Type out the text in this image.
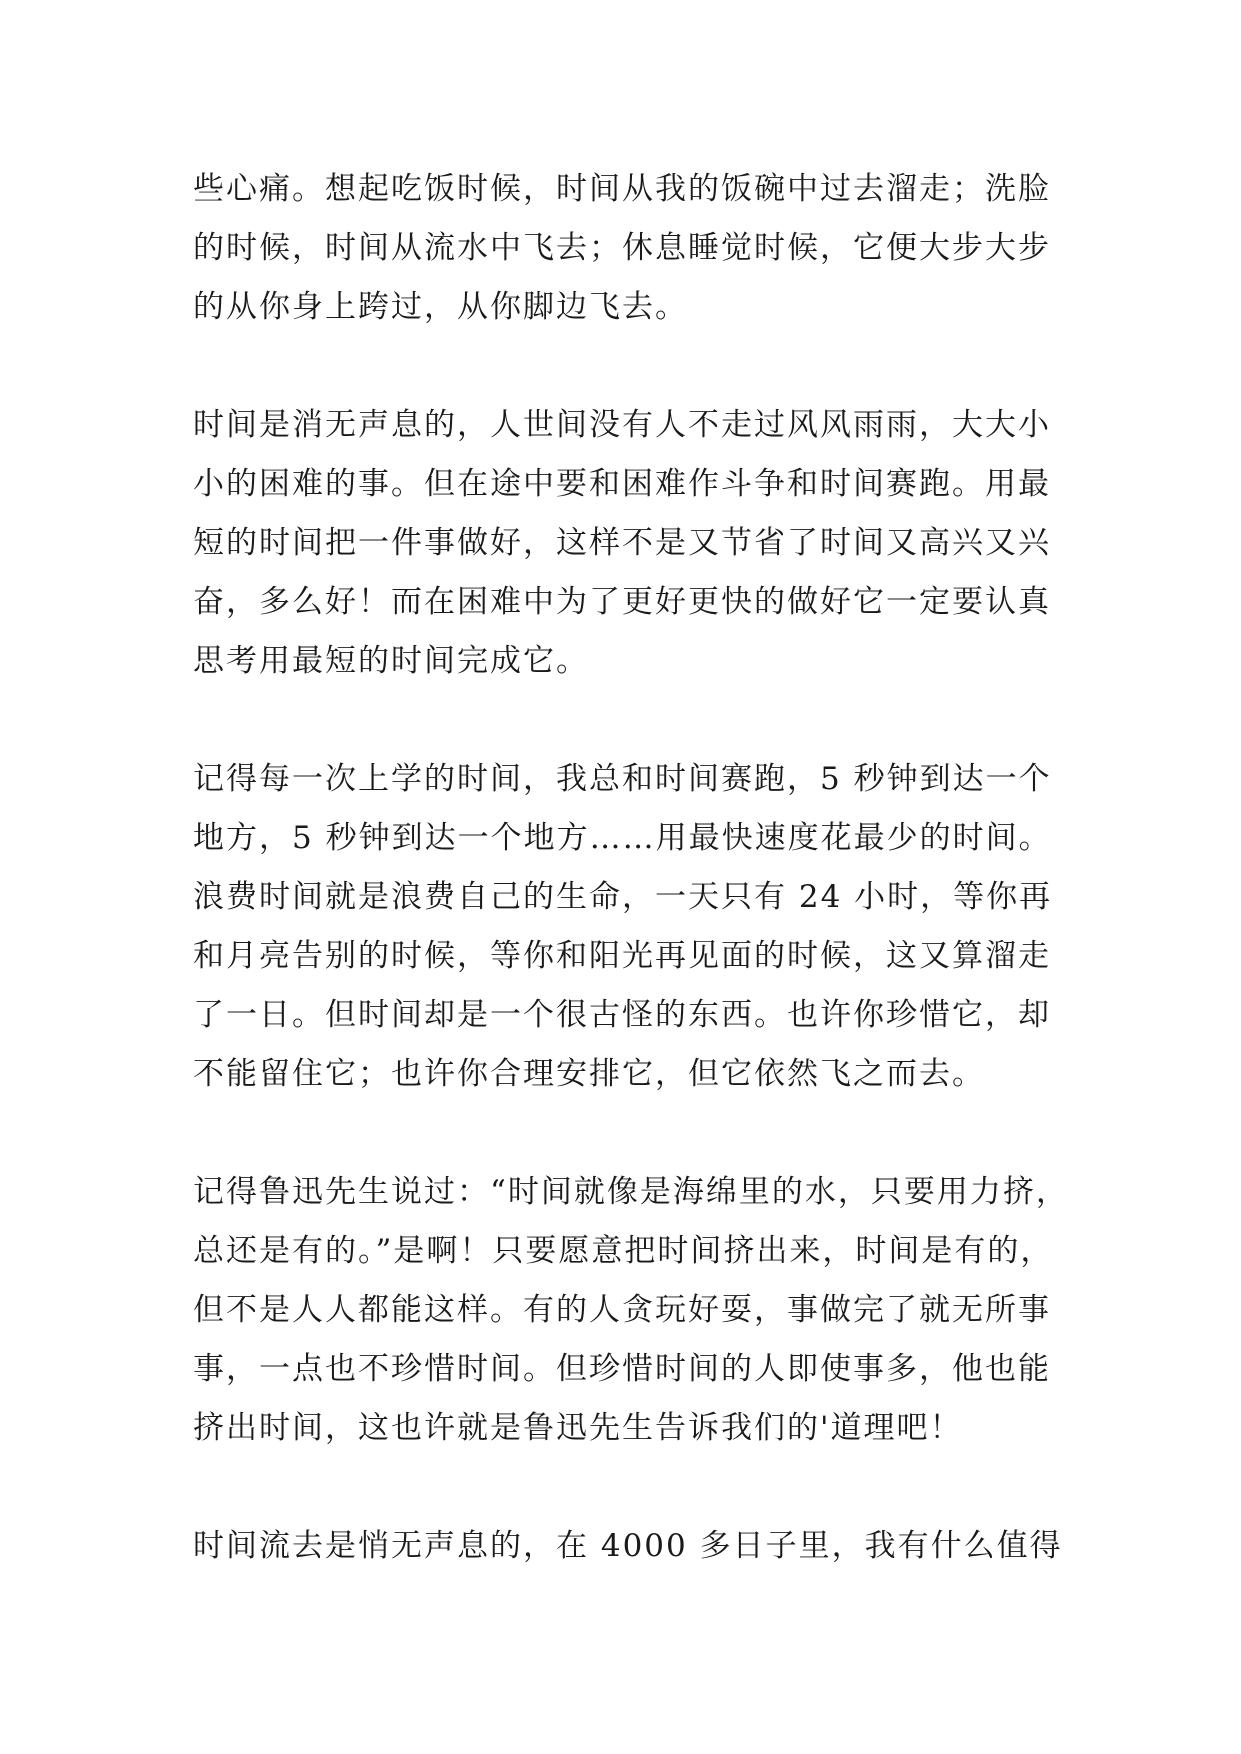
些心痛。想起吃饭时候，时间从我的饭碗中过去溜走；洗脸
的时候，时间从流水中飞去；休息睡觉时候，它便大步大步
的从你身上跨过，从你脚边飞去。

时间是消无声息的，人世间没有人不走过风风雨雨，大大小
小的困难的事。但在途中要和困难作斗争和时间赛跑。用最
短的时间把一件事做好，这样不是又节省了时间又高兴又兴
奋，多么好！而在困难中为了更好更快的做好它一定要认真
思考用最短的时间完成它。

记得每一次上学的时间，我总和时间赛跑，5 秒钟到达一个
地方，5 秒钟到达一个地方……用最快速度花最少的时间。
浪费时间就是浪费自己的生命，一天只有 24 小时，等你再
和月亮告别的时候，等你和阳光再见面的时候，这又算溜走
了一日。但时间却是一个很古怪的东西。也许你珍惜它，却
不能留住它；也许你合理安排它，但它依然飞之而去。

记得鲁迅先生说过：“时间就像是海绵里的水，只要用力挤，
总还是有的。”是啊！只要愿意把时间挤出来，时间是有的，
但不是人人都能这样。有的人贪玩好耍，事做完了就无所事
事，一点也不珍惜时间。但珍惜时间的人即使事多，他也能
挤出时间，这也许就是鲁迅先生告诉我们的'道理吧！

时间流去是悄无声息的，在 4000 多日子里，我有什么值得
